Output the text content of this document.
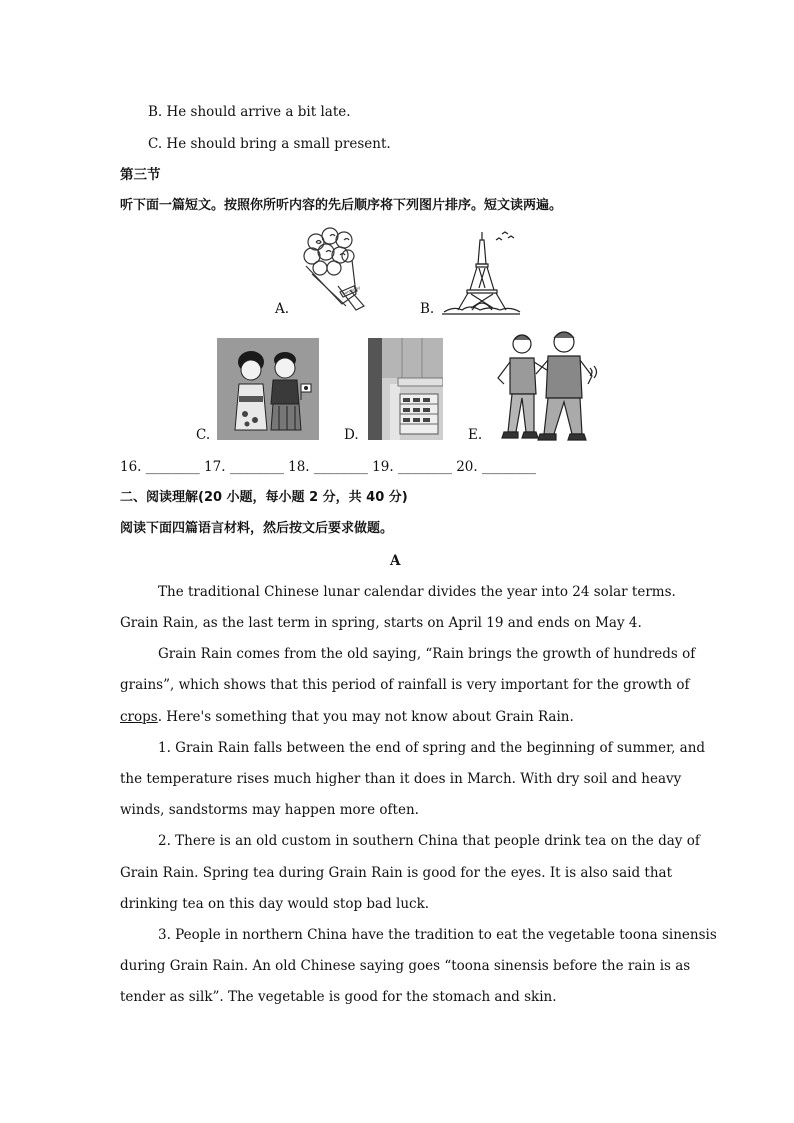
B. He should arrive a bit late.
C. He should bring a small present.
第三节
听下面一篇短文。按照你所听内容的先后顺序将下列图片排序。短文读两遍。
Someday
A.	B.
C.	D.	E.
16. ________ 17. ________ 18. ________ 19. ________ 20. ________
二、阅读理解(20 小题，每小题 2 分，共 40 分)
阅读下面四篇语言材料，然后按文后要求做题。
A
The traditional Chinese lunar calendar divides the year into 24 solar terms.
Grain Rain, as the last term in spring, starts on April 19 and ends on May 4.
Grain Rain comes from the old saying, “Rain brings the growth of hundreds of
grains”, which shows that this period of rainfall is very important for the growth of
crops. Here's something that you may not know about Grain Rain.
1. Grain Rain falls between the end of spring and the beginning of summer, and
the temperature rises much higher than it does in March. With dry soil and heavy
winds, sandstorms may happen more often.
2. There is an old custom in southern China that people drink tea on the day of
Grain Rain. Spring tea during Grain Rain is good for the eyes. It is also said that
drinking tea on this day would stop bad luck.
3. People in northern China have the tradition to eat the vegetable toona sinensis
during Grain Rain. An old Chinese saying goes “toona sinensis before the rain is as
tender as silk”. The vegetable is good for the stomach and skin.
